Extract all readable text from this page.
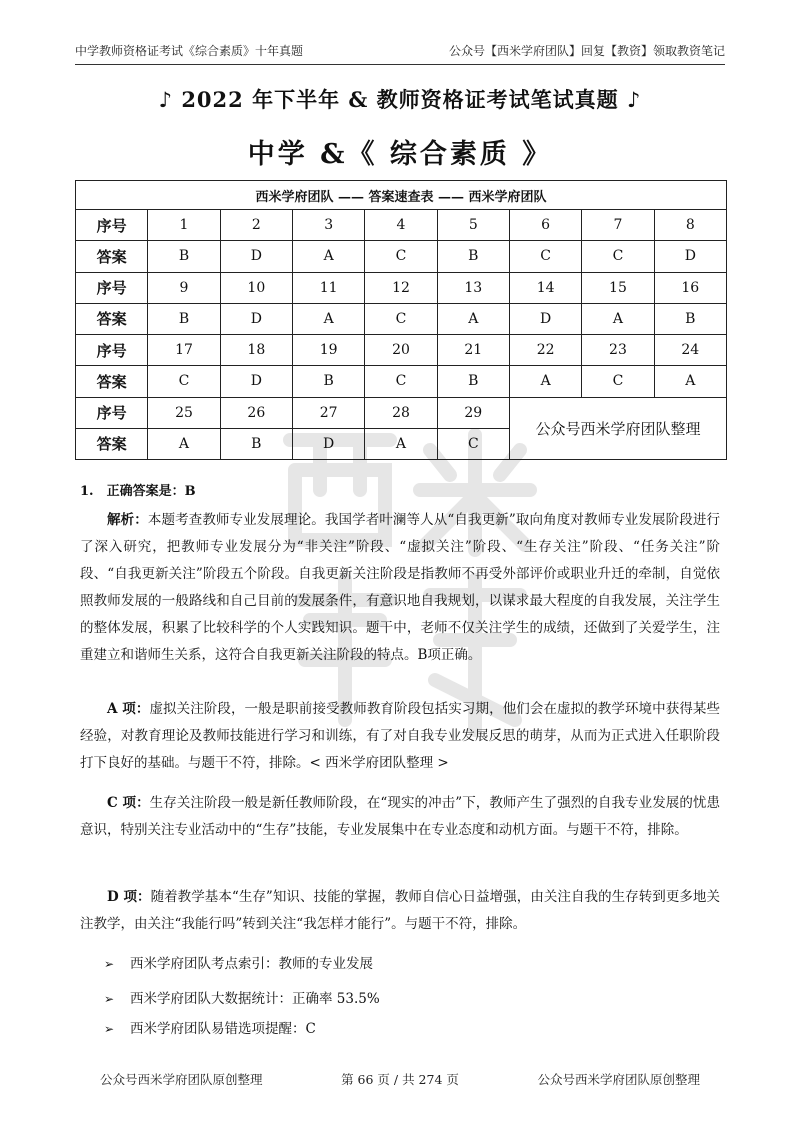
中学教师资格证考试《综合素质》十年真题	公众号【西米学府团队】回复【教资】领取教资笔记
♪ 2022 年下半年 & 教师资格证考试笔试真题 ♪
中学 &《 综合素质 》
西米学府团队 —— 答案速查表 —— 西米学府团队								
序号	1	2	3	4	5	6	7	8
答案	B	D	A	C	B	C	C	D
序号	9	10	11	12	13	14	15	16
答案	B	D	A	C	A	D	A	B
序号	17	18	19	20	21	22	23	24
答案	C	D	B	C	B	A	C	A
序号	25	26	27	28	29	公众号西米学府团队整理		
答案	A	B	D	A	C			
1.　正确答案是：B
解析：本题考查教师专业发展理论。我国学者叶澜等人从“自我更新”取向角度对教师专业发展阶段进行了深入研究，把教师专业发展分为“非关注”阶段、“虚拟关注”阶段、“生存关注”阶段、“任务关注”阶段、“自我更新关注”阶段五个阶段。自我更新关注阶段是指教师不再受外部评价或职业升迁的牵制，自觉依照教师发展的一般路线和自己目前的发展条件，有意识地自我规划，以谋求最大程度的自我发展，关注学生的整体发展，积累了比较科学的个人实践知识。题干中，老师不仅关注学生的成绩，还做到了关爱学生，注重建立和谐师生关系，这符合自我更新关注阶段的特点。B项正确。
A 项：虚拟关注阶段，一般是职前接受教师教育阶段包括实习期，他们会在虚拟的教学环境中获得某些经验，对教育理论及教师技能进行学习和训练，有了对自我专业发展反思的萌芽，从而为正式进入任职阶段打下良好的基础。与题干不符，排除。< 西米学府团队整理 >
C 项：生存关注阶段一般是新任教师阶段，在“现实的冲击”下，教师产生了强烈的自我专业发展的忧患意识，特别关注专业活动中的“生存”技能，专业发展集中在专业态度和动机方面。与题干不符，排除。
D 项：随着教学基本“生存”知识、技能的掌握，教师自信心日益增强，由关注自我的生存转到更多地关注教学，由关注“我能行吗”转到关注“我怎样才能行”。与题干不符，排除。
➢ 西米学府团队考点索引：教师的专业发展
➢ 西米学府团队大数据统计：正确率 53.5%
➢ 西米学府团队易错选项提醒：C
公众号西米学府团队原创整理	第 66 页 / 共 274 页	公众号西米学府团队原创整理
